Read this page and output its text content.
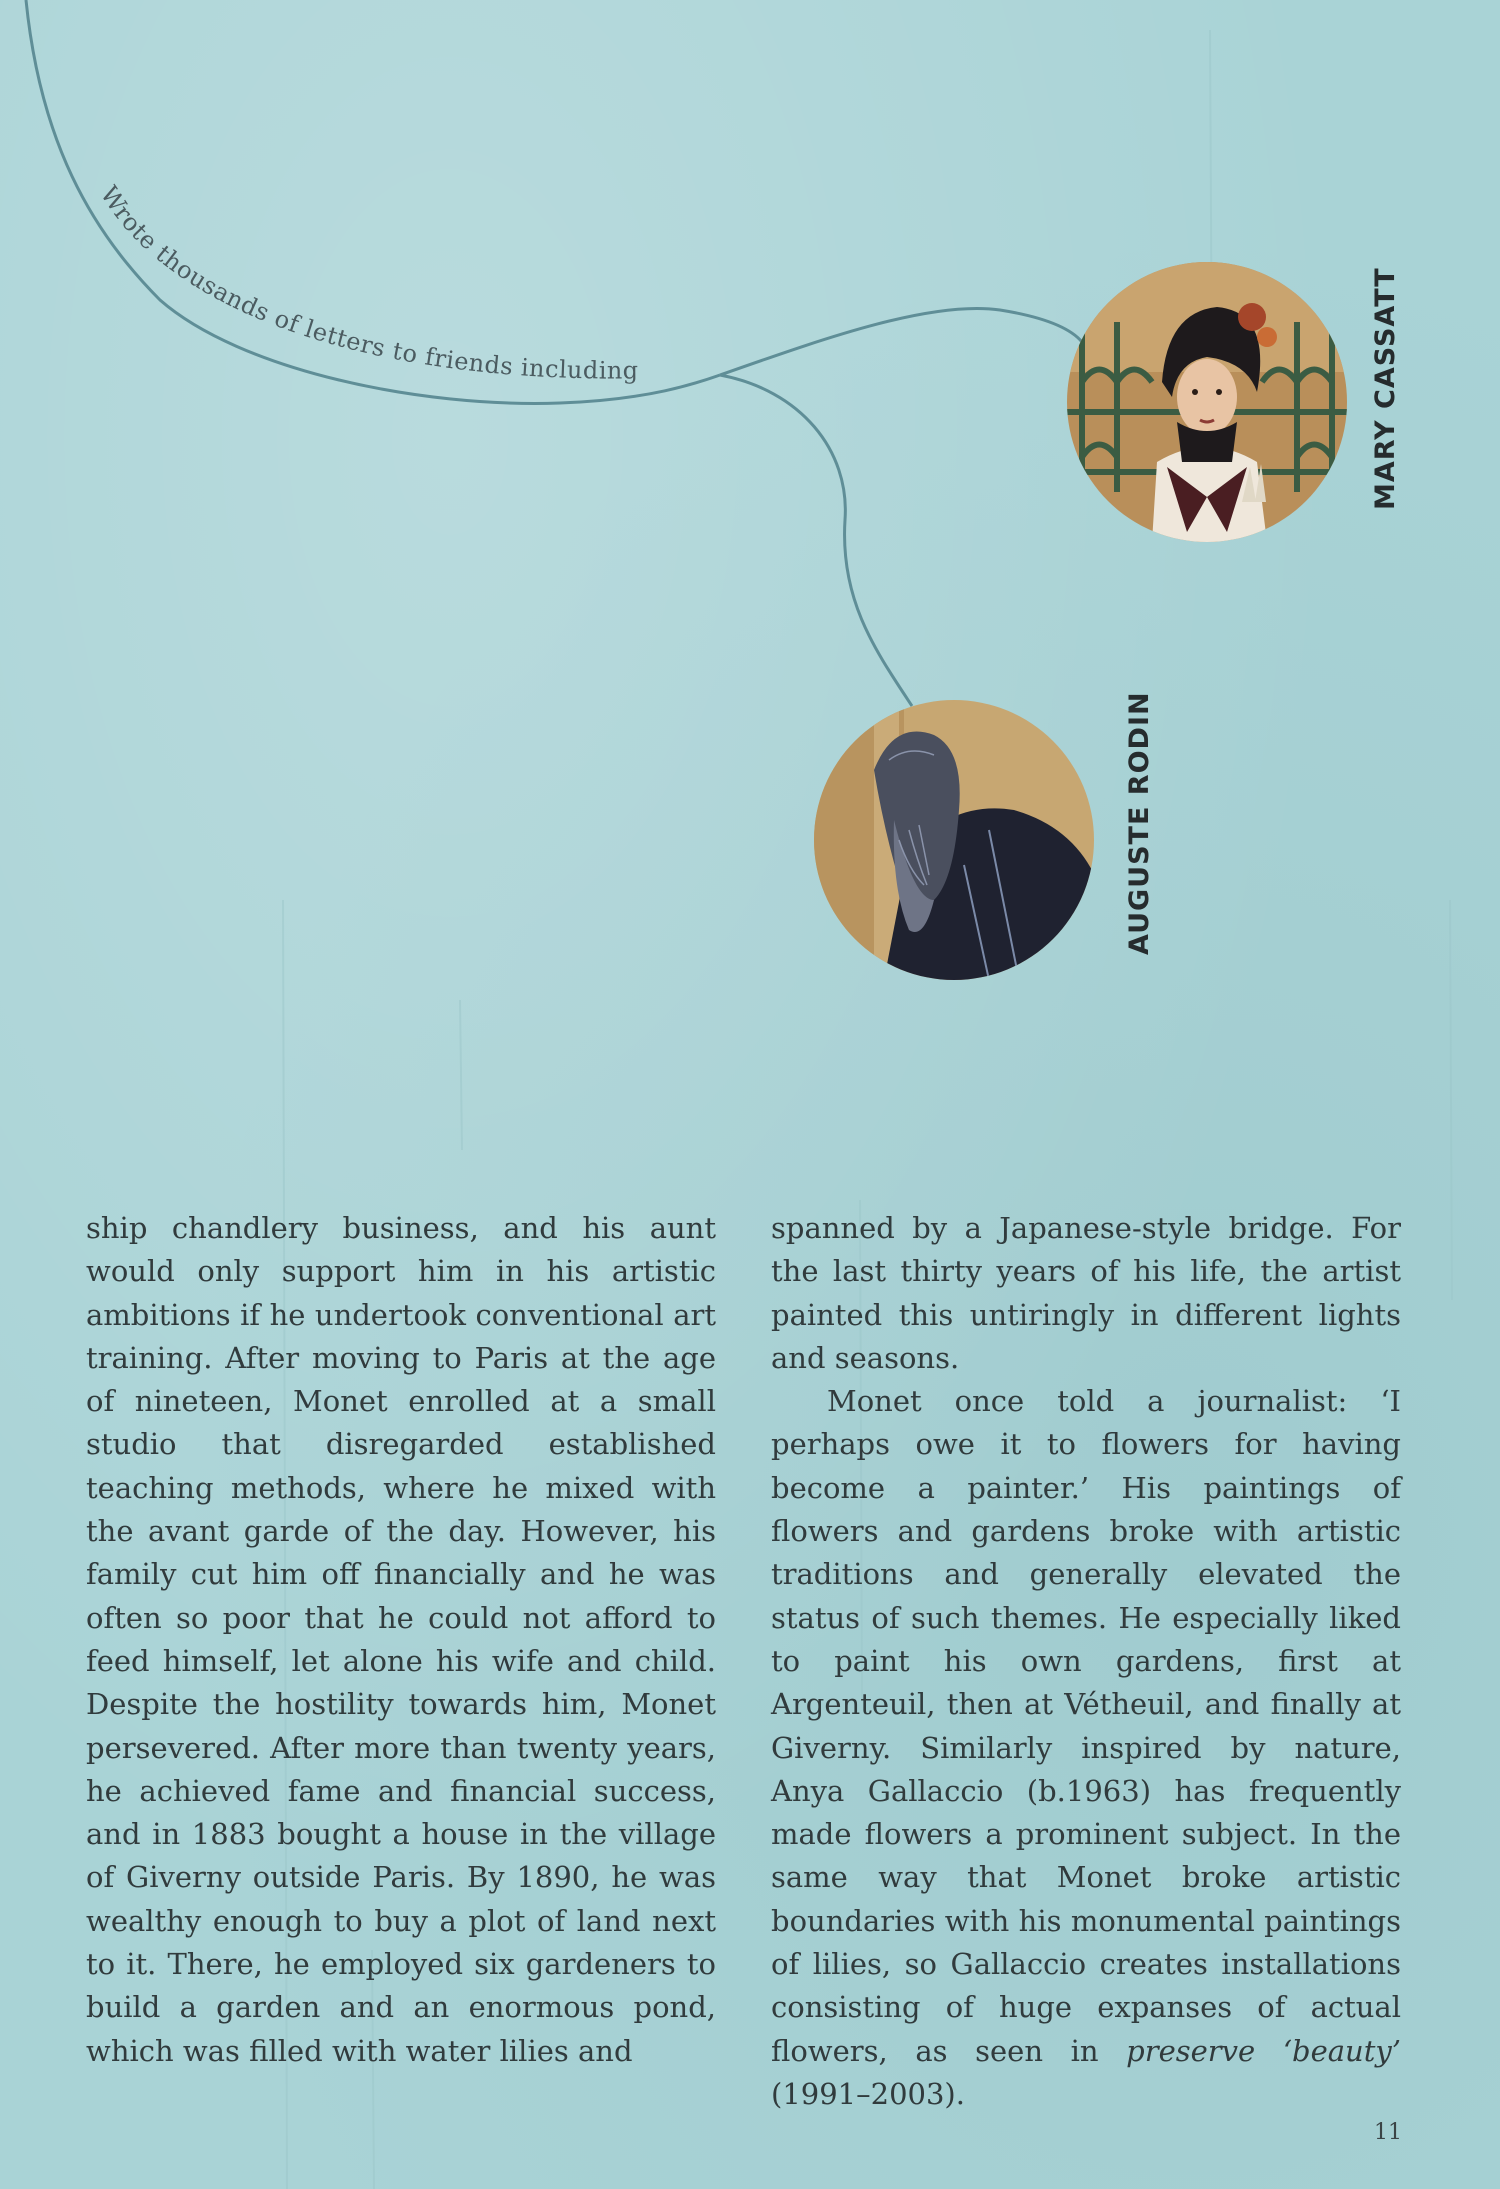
Wrote thousands of letters to friends including	MARY CASSATT
AUGUSTE RODIN

ship chandlery business, and his aunt would only support him in his artistic ambitions if he undertook conventional art training. After moving to Paris at the age of nineteen, Monet enrolled at a small studio that disregarded established teaching methods, where he mixed with the avant garde of the day. However, his family cut him off financially and he was often so poor that he could not afford to feed himself, let alone his wife and child. Despite the hostility towards him, Monet persevered. After more than twenty years, he achieved fame and financial success, and in 1883 bought a house in the village of Giverny outside Paris. By 1890, he was wealthy enough to buy a plot of land next to it. There, he employed six gardeners to build a garden and an enormous pond, which was filled with water lilies and

spanned by a Japanese-style bridge. For the last thirty years of his life, the artist painted this untiringly in different lights and seasons.

Monet once told a journalist: ‘I perhaps owe it to flowers for having become a painter.’ His paintings of flowers and gardens broke with artistic traditions and generally elevated the status of such themes. He especially liked to paint his own gardens, first at Argenteuil, then at Vétheuil, and finally at Giverny. Similarly inspired by nature, Anya Gallaccio (b.1963) has frequently made flowers a prominent subject. In the same way that Monet broke artistic boundaries with his monumental paintings of lilies, so Gallaccio creates installations consisting of huge expanses of actual flowers, as seen in preserve ‘beauty’ (1991–2003).

11
